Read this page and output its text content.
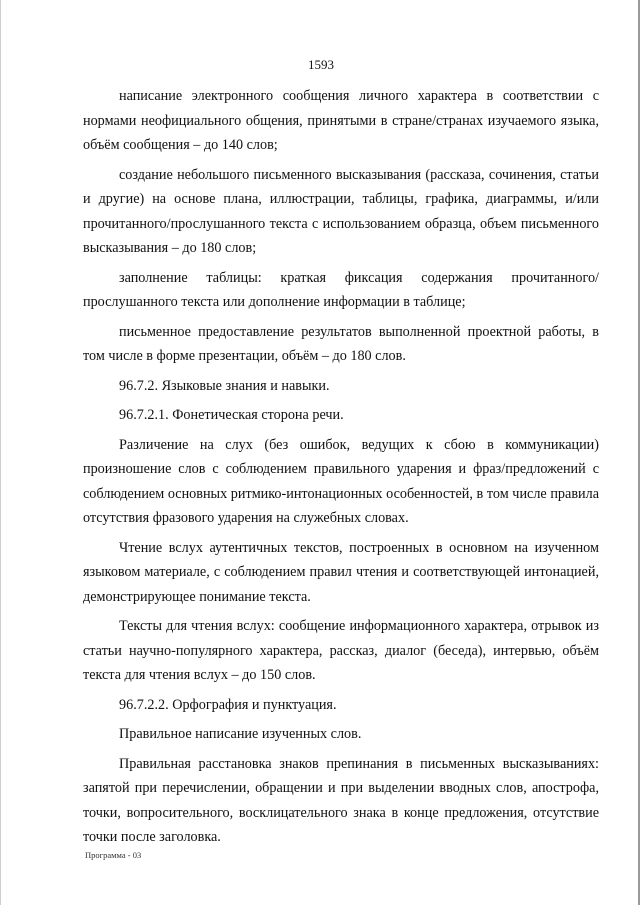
1593

написание электронного сообщения личного характера в соответствии с нормами неофициального общения, принятыми в стране/странах изучаемого языка, объём сообщения – до 140 слов;

создание небольшого письменного высказывания (рассказа, сочинения, статьи и другие) на основе плана, иллюстрации, таблицы, графика, диаграммы, и/или прочитанного/прослушанного текста с использованием образца, объем письменного высказывания – до 180 слов;

заполнение таблицы: краткая фиксация содержания прочитанного/ прослушанного текста или дополнение информации в таблице;

письменное предоставление результатов выполненной проектной работы, в том числе в форме презентации, объём – до 180 слов.

96.7.2. Языковые знания и навыки.

96.7.2.1. Фонетическая сторона речи.

Различение на слух (без ошибок, ведущих к сбою в коммуникации) произношение слов с соблюдением правильного ударения и фраз/предложений с соблюдением основных ритмико-интонационных особенностей, в том числе правила отсутствия фразового ударения на служебных словах.

Чтение вслух аутентичных текстов, построенных в основном на изученном языковом материале, с соблюдением правил чтения и соответствующей интонацией, демонстрирующее понимание текста.

Тексты для чтения вслух: сообщение информационного характера, отрывок из статьи научно-популярного характера, рассказ, диалог (беседа), интервью, объём текста для чтения вслух – до 150 слов.

96.7.2.2. Орфография и пунктуация.

Правильное написание изученных слов.

Правильная расстановка знаков препинания в письменных высказываниях: запятой при перечислении, обращении и при выделении вводных слов, апострофа, точки, вопросительного, восклицательного знака в конце предложения, отсутствие точки после заголовка.

Программа - 03
